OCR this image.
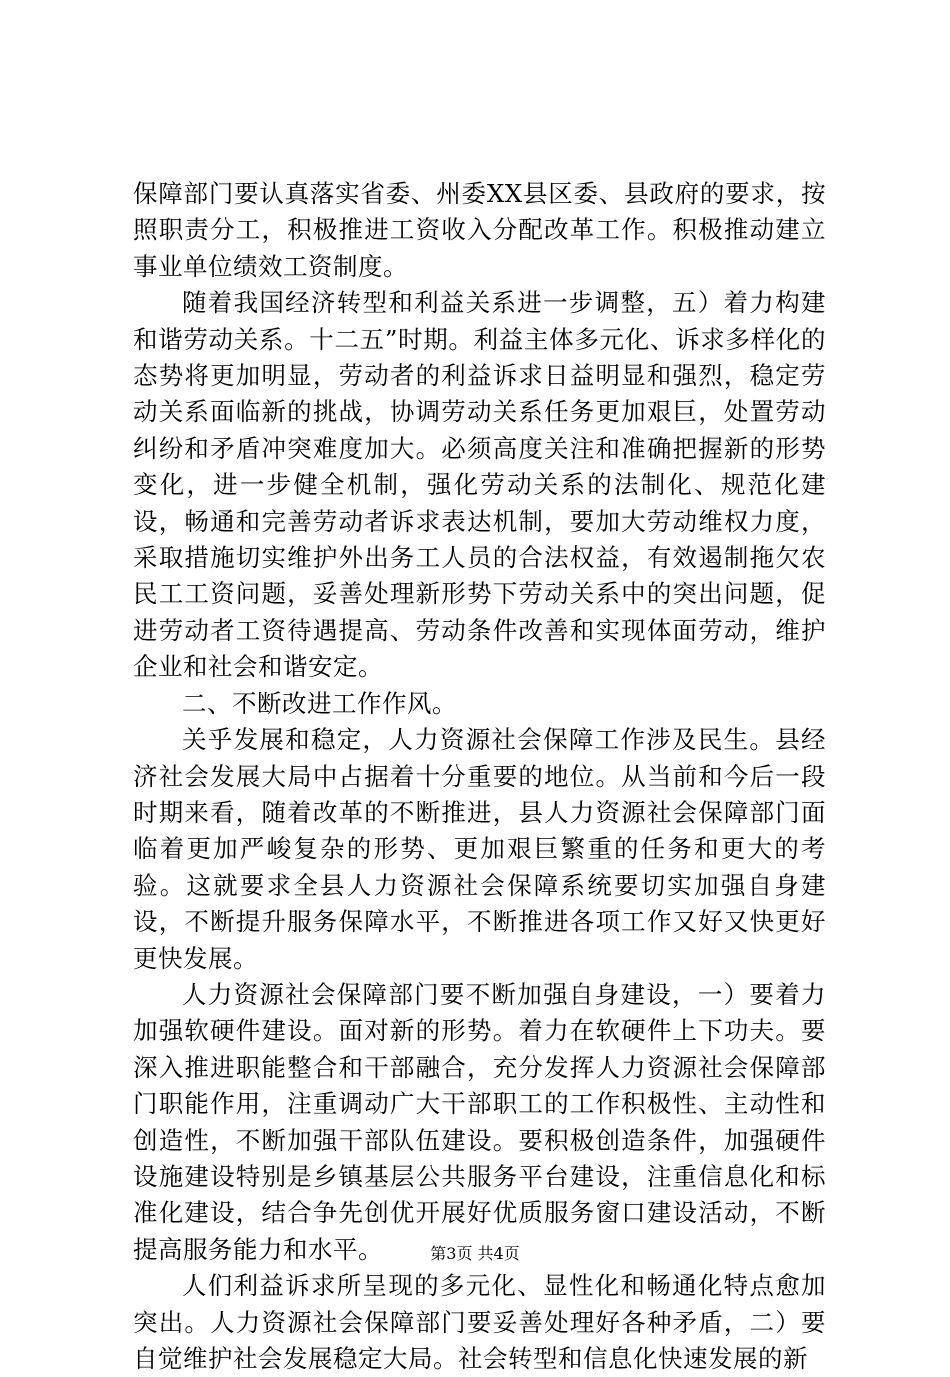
保障部门要认真落实省委、州委XX县区委、县政府的要求，按照职责分工，积极推进工资收入分配改革工作。积极推动建立事业单位绩效工资制度。

随着我国经济转型和利益关系进一步调整，五）着力构建和谐劳动关系。十二五”时期。利益主体多元化、诉求多样化的态势将更加明显，劳动者的利益诉求日益明显和强烈，稳定劳动关系面临新的挑战，协调劳动关系任务更加艰巨，处置劳动纠纷和矛盾冲突难度加大。必须高度关注和准确把握新的形势变化，进一步健全机制，强化劳动关系的法制化、规范化建设，畅通和完善劳动者诉求表达机制，要加大劳动维权力度，采取措施切实维护外出务工人员的合法权益，有效遏制拖欠农民工工资问题，妥善处理新形势下劳动关系中的突出问题，促进劳动者工资待遇提高、劳动条件改善和实现体面劳动，维护企业和社会和谐安定。

二、不断改进工作作风。

关乎发展和稳定，人力资源社会保障工作涉及民生。县经济社会发展大局中占据着十分重要的地位。从当前和今后一段时期来看，随着改革的不断推进，县人力资源社会保障部门面临着更加严峻复杂的形势、更加艰巨繁重的任务和更大的考验。这就要求全县人力资源社会保障系统要切实加强自身建设，不断提升服务保障水平，不断推进各项工作又好又快更好更快发展。

人力资源社会保障部门要不断加强自身建设，一）要着力加强软硬件建设。面对新的形势。着力在软硬件上下功夫。要深入推进职能整合和干部融合，充分发挥人力资源社会保障部门职能作用，注重调动广大干部职工的工作积极性、主动性和创造性，不断加强干部队伍建设。要积极创造条件，加强硬件设施建设特别是乡镇基层公共服务平台建设，注重信息化和标准化建设，结合争先创优开展好优质服务窗口建设活动，不断提高服务能力和水平。

人们利益诉求所呈现的多元化、显性化和畅通化特点愈加突出。人力资源社会保障部门要妥善处理好各种矛盾，二）要自觉维护社会发展稳定大局。社会转型和信息化快速发展的新

第3页 共4页
